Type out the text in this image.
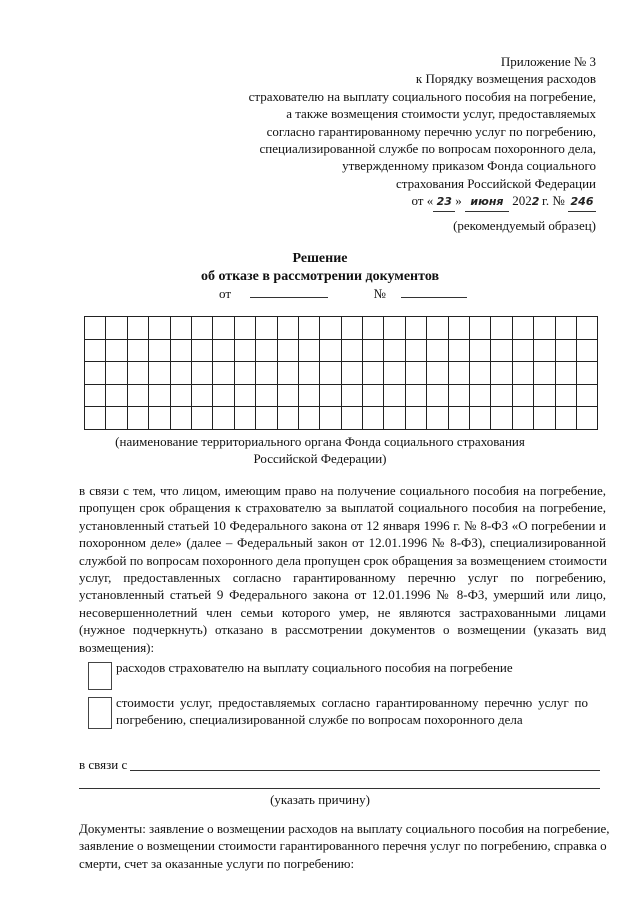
Приложение № 3
к Порядку возмещения расходов
страхователю на выплату социального пособия на погребение,
а также возмещения стоимости услуг, предоставляемых
согласно гарантированному перечню услуг по погребению,
специализированной службе по вопросам похоронного дела,
утвержденному приказом Фонда социального
страхования Российской Федерации
от « 23 » июня 2022 г. № 246
(рекомендуемый образец)
Решение
об отказе в рассмотрении документов
от	№

(наименование территориального органа Фонда социального страхования
Российской Федерации)
в связи с тем, что лицом, имеющим право на получение социального пособия на погребение,
пропущен срок обращения к страхователю за выплатой социального пособия на погребение,
установленный статьей 10 Федерального закона от 12 января 1996 г. № 8-ФЗ «О погребении и
похоронном деле» (далее – Федеральный закон от 12.01.1996 № 8-ФЗ), специализированной
службой по вопросам похоронного дела пропущен срок обращения за возмещением стоимости
услуг, предоставленных согласно гарантированному перечню услуг по погребению,
установленный статьей 9 Федерального закона от 12.01.1996 № 8-ФЗ, умерший или лицо,
несовершеннолетний член семьи которого умер, не являются застрахованными лицами
(нужное подчеркнуть) отказано в рассмотрении документов о возмещении (указать вид
возмещения):
расходов страхователю на выплату социального пособия на погребение
стоимости услуг, предоставляемых согласно гарантированному перечню услуг по
погребению, специализированной службе по вопросам похоронного дела
в связи с
(указать причину)
Документы: заявление о возмещении расходов на выплату социального пособия на погребение,
заявление о возмещении стоимости гарантированного перечня услуг по погребению, справка о
смерти, счет за оказанные услуги по погребению:
